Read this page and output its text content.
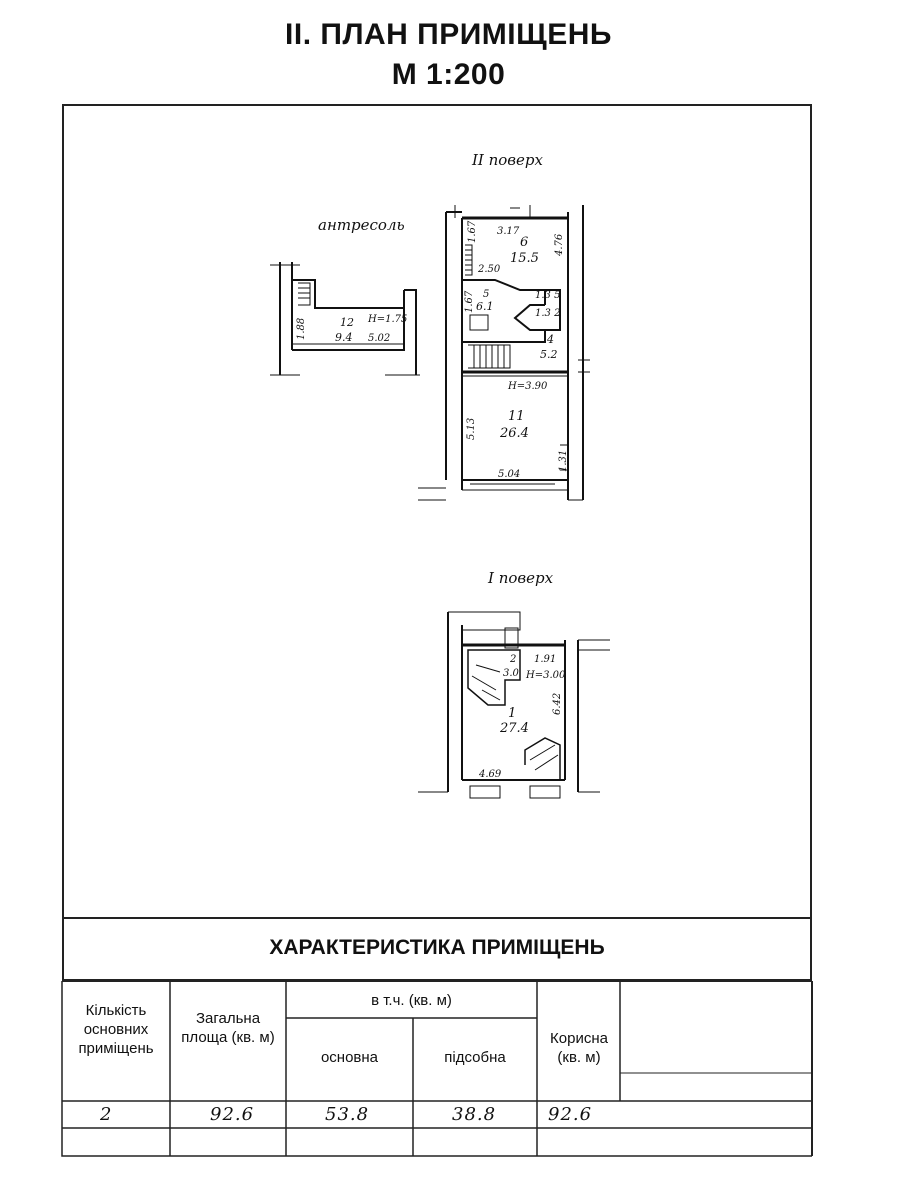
II. ПЛАН ПРИМІЩЕНЬ
М 1:200
II поверх
антресоль
I поверх
6
15.5
5
6.1
4
5.2
11
26.4
12
9.4
2
3.0
1
27.4
3.17
1.67
4.76
2.50
1.67	1.3 5
1.3 2
H=3.90
5.13
5.04
1.31
1.88	H=1.75
5.02
1.91
H=3.00
6.42
4.69
ХАРАКТЕРИСТИКА ПРИМІЩЕНЬ
Кількість основних приміщень
Загальна площа (кв. м)
в т.ч. (кв. м)
основна	підсобна
Корисна (кв. м)
2	92.6	53.8	38.8	92.6
